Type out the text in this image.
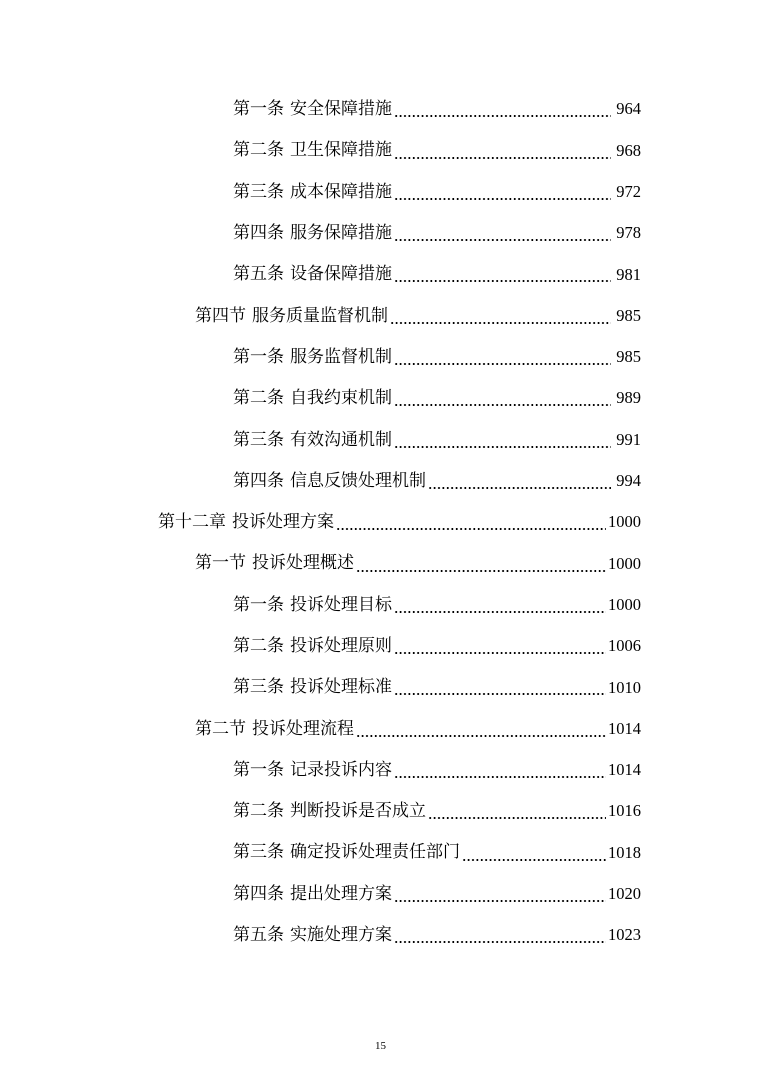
第一条 安全保障措施	964
第二条 卫生保障措施	968
第三条 成本保障措施	972
第四条 服务保障措施	978
第五条 设备保障措施	981
第四节 服务质量监督机制	985
第一条 服务监督机制	985
第二条 自我约束机制	989
第三条 有效沟通机制	991
第四条 信息反馈处理机制	994
第十二章 投诉处理方案	1000
第一节 投诉处理概述	1000
第一条 投诉处理目标	1000
第二条 投诉处理原则	1006
第三条 投诉处理标准	1010
第二节 投诉处理流程	1014
第一条 记录投诉内容	1014
第二条 判断投诉是否成立	1016
第三条 确定投诉处理责任部门	1018
第四条 提出处理方案	1020
第五条 实施处理方案	1023
15
